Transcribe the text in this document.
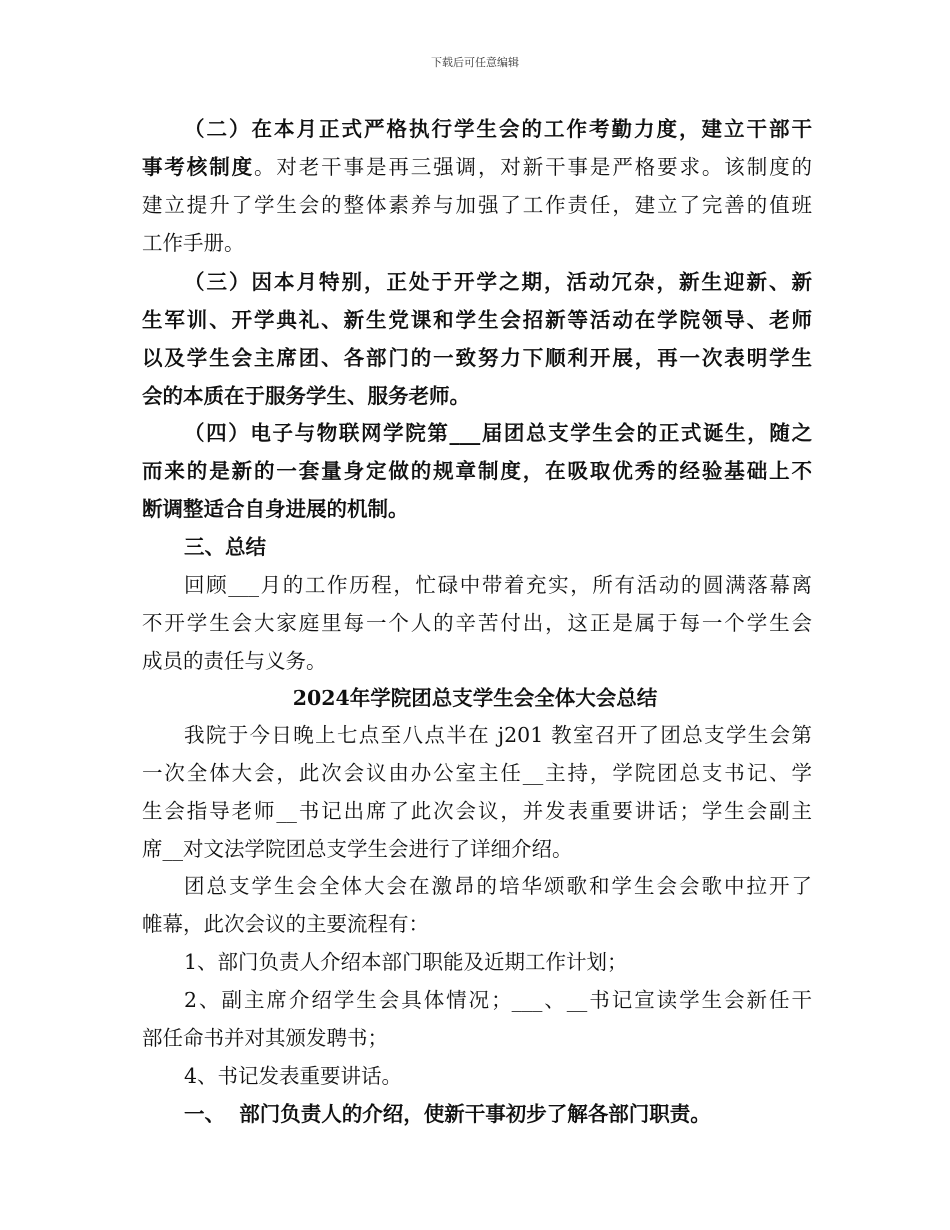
下载后可任意编辑
（二）在本月正式严格执行学生会的工作考勤力度，建立干部干
事考核制度。对老干事是再三强调，对新干事是严格要求。该制度的
建立提升了学生会的整体素养与加强了工作责任，建立了完善的值班
工作手册。
（三）因本月特别，正处于开学之期，活动冗杂，新生迎新、新
生军训、开学典礼、新生党课和学生会招新等活动在学院领导、老师
以及学生会主席团、各部门的一致努力下顺利开展，再一次表明学生
会的本质在于服务学生、服务老师。
（四）电子与物联网学院第___届团总支学生会的正式诞生，随之
而来的是新的一套量身定做的规章制度，在吸取优秀的经验基础上不
断调整适合自身进展的机制。
三、总结
回顾___月的工作历程，忙碌中带着充实，所有活动的圆满落幕离
不开学生会大家庭里每一个人的辛苦付出，这正是属于每一个学生会
成员的责任与义务。
2024年学院团总支学生会全体大会总结
我院于今日晚上七点至八点半在 j201 教室召开了团总支学生会第
一次全体大会，此次会议由办公室主任__主持，学院团总支书记、学
生会指导老师__书记出席了此次会议，并发表重要讲话；学生会副主
席__对文法学院团总支学生会进行了详细介绍。
团总支学生会全体大会在激昂的培华颂歌和学生会会歌中拉开了
帷幕，此次会议的主要流程有：
1、部门负责人介绍本部门职能及近期工作计划；
2、副主席介绍学生会具体情况；___、__书记宣读学生会新任干
部任命书并对其颁发聘书；
4、书记发表重要讲话。
一、  部门负责人的介绍，使新干事初步了解各部门职责。
